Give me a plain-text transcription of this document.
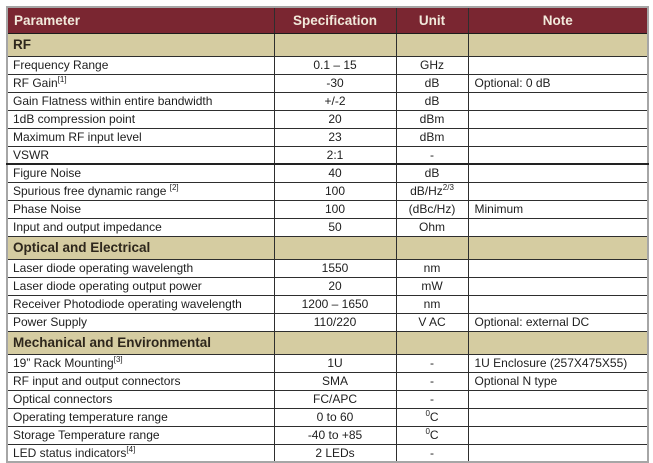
Parameter	Specification	Unit	Note
RF			
Frequency Range	0.1 – 15	GHz	
RF Gain[1]	-30	dB	Optional: 0 dB
Gain Flatness within entire bandwidth	+/-2	dB	
1dB compression point	20	dBm	
Maximum RF input level	23	dBm	
VSWR	2:1	-	
Figure Noise	40	dB	
Spurious free dynamic range [2]	100	$dB/Hz^{2/3}$	
Phase Noise	100	(dBc/Hz)	Minimum
Input and output impedance	50	Ohm	
Optical and Electrical			
Laser diode operating wavelength	1550	nm	
Laser diode operating output power	20	mW	
Receiver Photodiode operating wavelength	1200 – 1650	nm	
Power Supply	110/220	V AC	Optional: external DC
Mechanical and Environmental			
19” Rack Mounting[3]	1U	-	1U Enclosure (257X475X55)
RF input and output connectors	SMA	-	Optional N type
Optical connectors	FC/APC	-	
Operating temperature range	0 to 60	$^0$C	
Storage Temperature range	-40 to +85	$^0$C	
LED status indicators[4]	2 LEDs	-	
